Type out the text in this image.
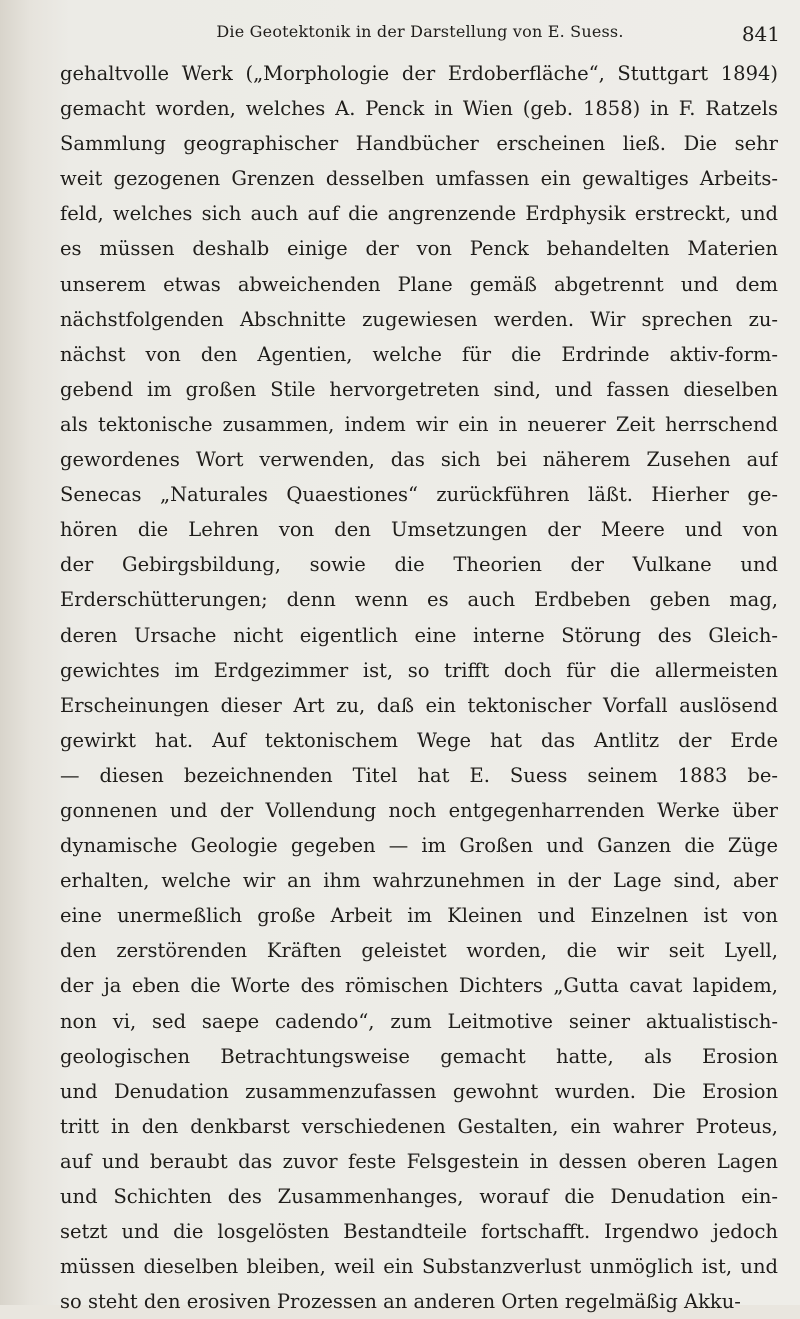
Die Geotektonik in der Darstellung von E. Suess.	841
gehaltvolle Werk („Morphologie der Erdoberfläche“, Stuttgart 1894)
gemacht worden, welches A. Penck in Wien (geb. 1858) in F. Ratzels
Sammlung geographischer Handbücher erscheinen ließ. Die sehr
weit gezogenen Grenzen desselben umfassen ein gewaltiges Arbeits-
feld, welches sich auch auf die angrenzende Erdphysik erstreckt, und
es müssen deshalb einige der von Penck behandelten Materien
unserem etwas abweichenden Plane gemäß abgetrennt und dem
nächstfolgenden Abschnitte zugewiesen werden. Wir sprechen zu-
nächst von den Agentien, welche für die Erdrinde aktiv-form-
gebend im großen Stile hervorgetreten sind, und fassen dieselben
als tektonische zusammen, indem wir ein in neuerer Zeit herrschend
gewordenes Wort verwenden, das sich bei näherem Zusehen auf
Senecas „Naturales Quaestiones“ zurückführen läßt. Hierher ge-
hören die Lehren von den Umsetzungen der Meere und von
der Gebirgsbildung, sowie die Theorien der Vulkane und
Erderschütterungen; denn wenn es auch Erdbeben geben mag,
deren Ursache nicht eigentlich eine interne Störung des Gleich-
gewichtes im Erdgezimmer ist, so trifft doch für die allermeisten
Erscheinungen dieser Art zu, daß ein tektonischer Vorfall auslösend
gewirkt hat. Auf tektonischem Wege hat das Antlitz der Erde
— diesen bezeichnenden Titel hat E. Suess seinem 1883 be-
gonnenen und der Vollendung noch entgegenharrenden Werke über
dynamische Geologie gegeben — im Großen und Ganzen die Züge
erhalten, welche wir an ihm wahrzunehmen in der Lage sind, aber
eine unermeßlich große Arbeit im Kleinen und Einzelnen ist von
den zerstörenden Kräften geleistet worden, die wir seit Lyell,
der ja eben die Worte des römischen Dichters „Gutta cavat lapidem,
non vi, sed saepe cadendo“, zum Leitmotive seiner aktualistisch-
geologischen Betrachtungsweise gemacht hatte, als Erosion
und Denudation zusammenzufassen gewohnt wurden. Die Erosion
tritt in den denkbarst verschiedenen Gestalten, ein wahrer Proteus,
auf und beraubt das zuvor feste Felsgestein in dessen oberen Lagen
und Schichten des Zusammenhanges, worauf die Denudation ein-
setzt und die losgelösten Bestandteile fortschafft. Irgendwo jedoch
müssen dieselben bleiben, weil ein Substanzverlust unmöglich ist, und
so steht den erosiven Prozessen an anderen Orten regelmäßig Akku-
